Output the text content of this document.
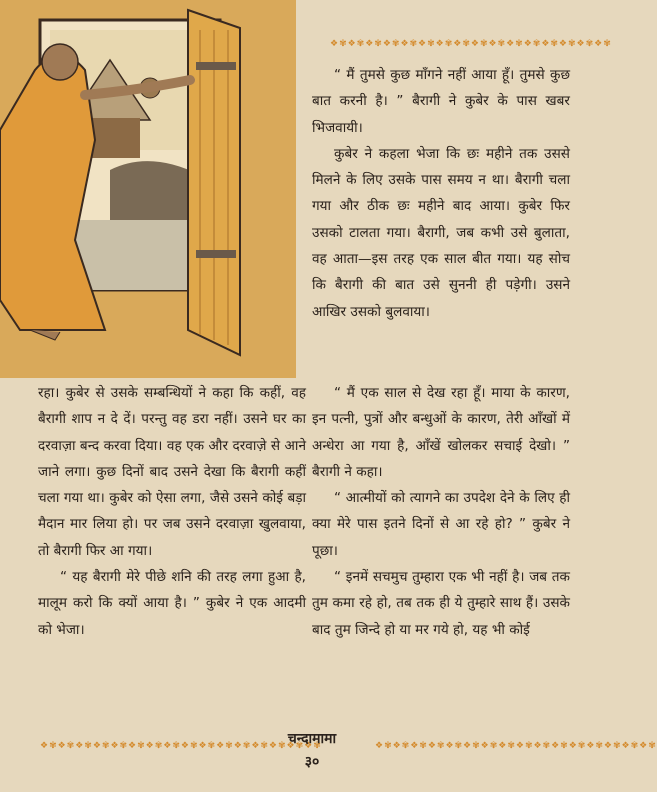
❖✾❖✾❖✾❖✾❖✾❖✾❖✾❖✾❖✾❖✾❖✾❖✾❖✾❖✾❖✾❖✾

“ मैं तुमसे कुछ माँगने नहीं आया हूँ। तुमसे कुछ बात करनी है। ” बैरागी ने कुबेर के पास खबर भिजवायी।

कुबेर ने कहला भेजा कि छः महीने तक उससे मिलने के लिए उसके पास समय न था। बैरागी चला गया और ठीक छः महीने बाद आया। कुबेर फिर उसको टालता गया। बैरागी, जब कभी उसे बुलाता, वह आता—इस तरह एक साल बीत गया। यह सोच कि बैरागी की बात उसे सुननी ही पड़ेगी। उसने आखिर उसको बुलवाया।

रहा। कुबेर से उसके सम्बन्धियों ने कहा कि कहीं, वह बैरागी शाप न दे दें। परन्तु वह डरा नहीं। उसने घर का दरवाज़ा बन्द करवा दिया। वह एक और दरवाज़े से आने जाने लगा। कुछ दिनों बाद उसने देखा कि बैरागी कहीं चला गया था। कुबेर को ऐसा लगा, जैसे उसने कोई बड़ा मैदान मार लिया हो। पर जब उसने दरवाज़ा खुलवाया, तो बैरागी फिर आ गया।

“ यह बैरागी मेरे पीछे शनि की तरह लगा हुआ है, मालूम करो कि क्यों आया है। ” कुबेर ने एक आदमी को भेजा।

“ मैं एक साल से देख रहा हूँ। माया के कारण, इन पत्नी, पुत्रों और बन्धुओं के कारण, तेरी आँखों में अन्धेरा आ गया है, आँखें खोलकर सचाई देखो। ” बैरागी ने कहा।

“ आत्मीयों को त्यागने का उपदेश देने के लिए ही क्या मेरे पास इतने दिनों से आ रहे हो? ” कुबेर ने पूछा।

“ इनमें सचमुच तुम्हारा एक भी नहीं है। जब तक तुम कमा रहे हो, तब तक ही ये तुम्हारे साथ हैं। उसके बाद तुम जिन्दे हो या मर गये हो, यह भी कोई

❖✾❖✾❖✾❖✾❖✾❖✾❖✾❖✾❖✾❖✾❖✾❖✾❖✾❖✾❖✾❖✾
चन्दामामा	❖✾❖✾❖✾❖✾❖✾❖✾❖✾❖✾❖✾❖✾❖✾❖✾❖✾❖✾❖✾❖✾
३०
